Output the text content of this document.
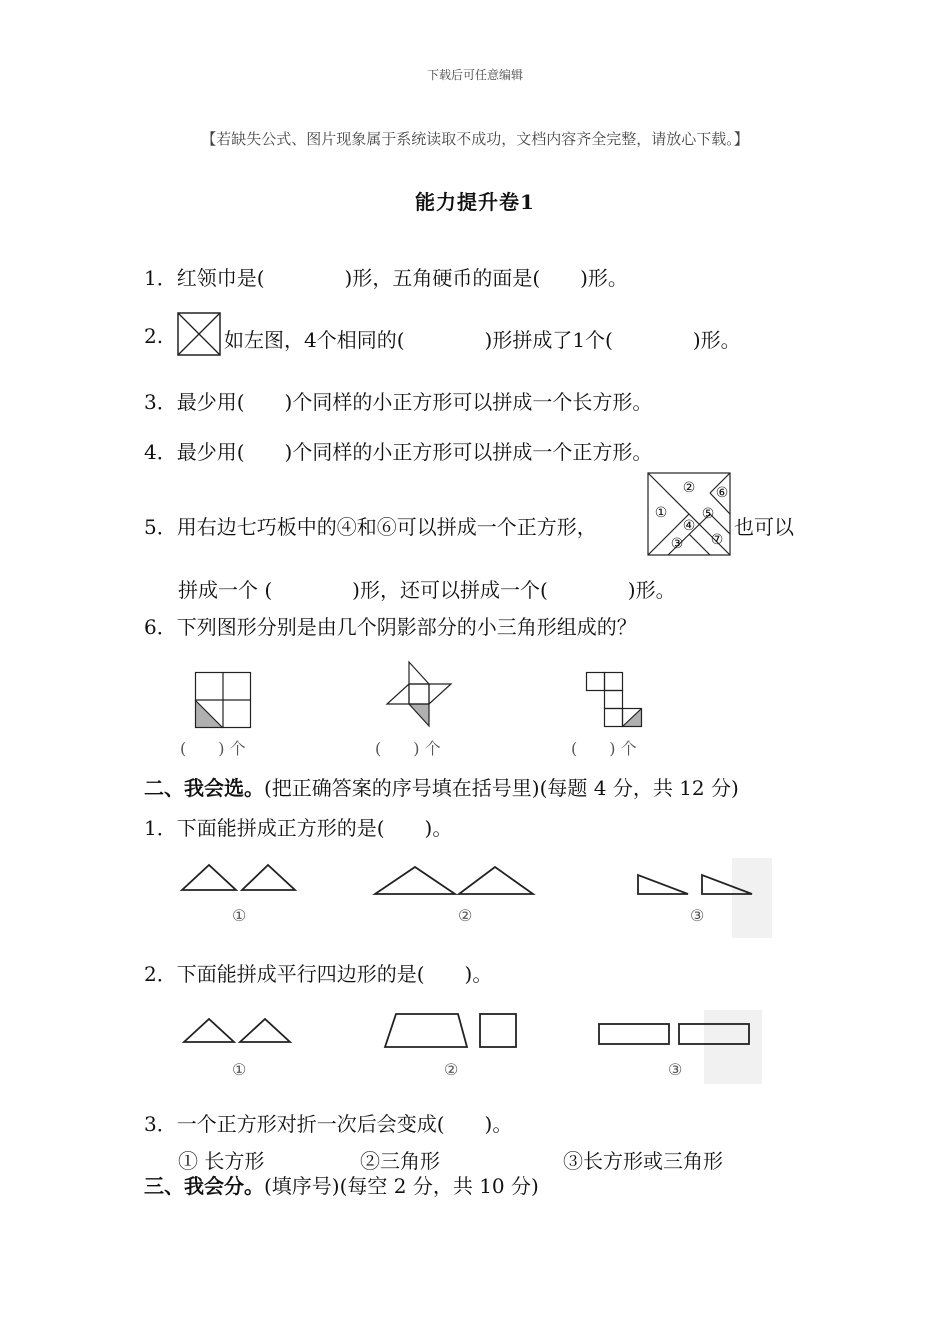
下载后可任意编辑
【若缺失公式、图片现象属于系统读取不成功，文档内容齐全完整，请放心下载。】
能力提升卷1
1．红领巾是(　　　　)形，五角硬币的面是(　　)形。
2.	如左图，4个相同的(　　　　)形拼成了1个(　　　　)形。
3．最少用(　　)个同样的小正方形可以拼成一个长方形。
4．最少用(　　)个同样的小正方形可以拼成一个正方形。
5．用右边七巧板中的④和⑥可以拼成一个正方形，
①
②
③
④
⑤
⑥
⑦
也可以
拼成一个 (　　　　)形，还可以拼成一个(　　　　)形。
6．下列图形分别是由几个阴影部分的小三角形组成的？
(　　) 个	(　　) 个	(　　) 个
二、我会选。(把正确答案的序号填在括号里)(每题 4 分，共 12 分)
1．下面能拼成正方形的是(　　)。
①	②	③
2．下面能拼成平行四边形的是(　　)。
①	②	③
3．一个正方形对折一次后会变成(　　)。
① 长方形	②三角形	③长方形或三角形
三、我会分。(填序号)(每空 2 分，共 10 分)
